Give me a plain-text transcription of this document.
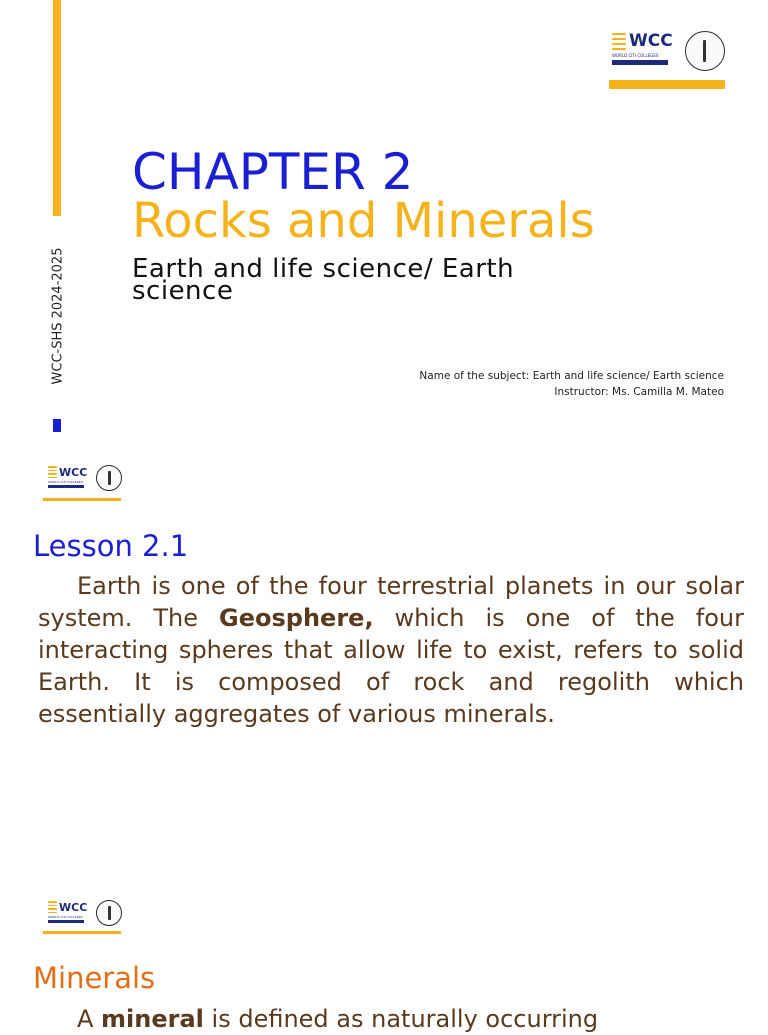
WCC-SHS 2024-2025
WCC
WORLD CITI COLLEGES
CHAPTER 2
Rocks and Minerals
Earth and life science/ Earth science
Name of the subject: Earth and life science/ Earth science
Instructor: Ms. Camilla M. Mateo
WCC
WORLD CITI COLLEGES
Lesson 2.1
Earth is one of the four terrestrial planets in our solar system. The Geosphere, which is one of the four interacting spheres that allow life to exist, refers to solid Earth. It is composed of rock and regolith which essentially aggregates of various minerals.
WCC
WORLD CITI COLLEGES
Minerals
A mineral is defined as naturally occurring
